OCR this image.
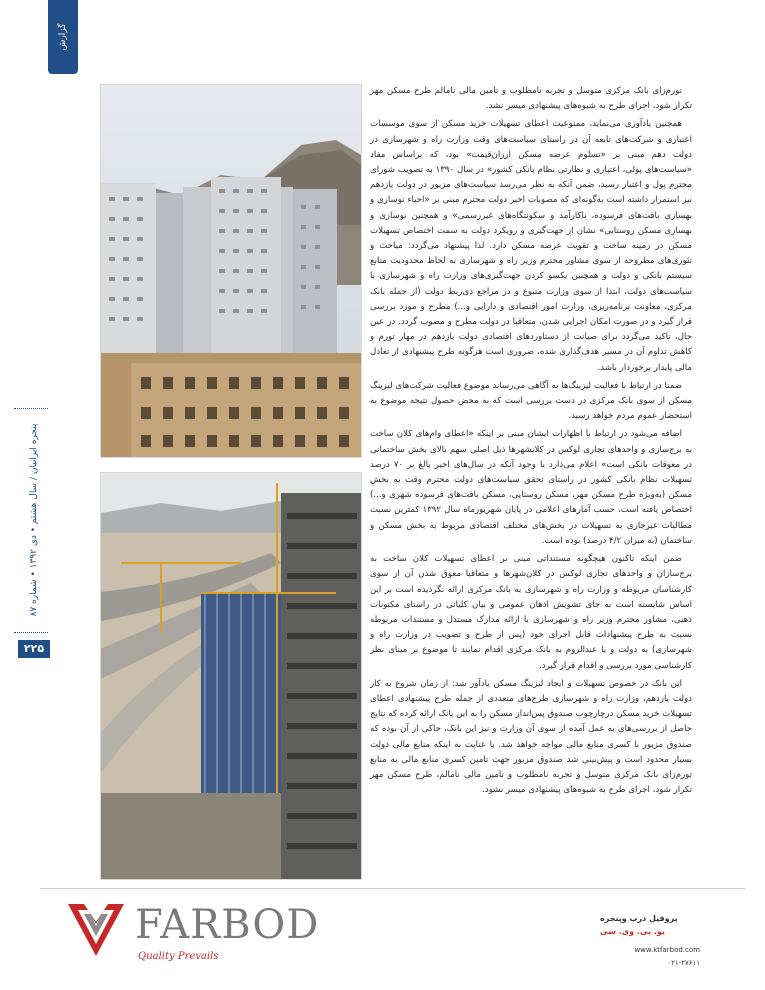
گزارش
پنجره ایرانیان / سال هشتم • دی ۱۳۹۲ • شماره ۸۷
۲۲۵

تورم‌زای بانک مرکزی متوسل و تجربه نامطلوب و تامین مالی نامالم طرح مسکن مهر تکرار شود، اجرای طرح به شیوه‌های پیشنهادی میسر نشد.

همچنین یادآوری می‌نماید، ممنوعیت اعطای تسهیلات خرید مسکن از سوی موسسات اعتباری و شرکت‌های تابعه آن در راستای سیاست‌های وقت وزارت راه و شهرسازی در دولت دهم مبنی بر «تسلوم عرضه مسکن ارزان‌قیمت» بود، که براساس مفاد «سیاست‌های پولی، اعتباری و نظارتی نظام بانکی کشور» در سال ۱۳۹۰ به تصویب شورای محترم پول و اعتبار رسید، ضمن آنکه به نظر می‌رسد سیاست‌های مزبور در دولت یازدهم نیز استمرار داشته است به‌گونه‌ای که مصوبات اخیر دولت محترم مبنی بر «احیاء نوسازی و بهسازی بافت‌های فرسوده، ناکارآمد و سکونتگاه‌های غیررسمی» و همچنین نوسازی و بهسازی مسکن روستایی» نشان از جهت‌گیری و رویکرد دولت به سمت اختصاص تسهیلات مسکن در زمینه ساخت و تقویت عرضه مسکن دارد. لذا پیشنهاد می‌گردد: مباحث و تئوری‌های مطروحه از سوی مشاور محترم وزیر راه و شهرسازی به لحاظ محدودیت منابع سیستم بانکی و دولت و همچنین یکسو کردن جهت‌گیری‌های وزارت راه و شهرسازی با سیاست‌های دولت، ابتدا از سوی وزارت متبوع و در مراجع ذی‌ربط دولت (از جمله بانک مرکزی، معاونت برنامه‌ریزی، وزارت امور اقتصادی و دارایی و...) مطرح و مورد بررسی قرار گیرد و در صورت امکان اجرایی شدن، متعاقبا در دولت مطرح و مصوب گردد. در عین حال، تاکید می‌گردد برای صیانت از دستاوردهای اقتصادی دولت یازدهم در مهار تورم و کاهش تداوم آن در مسیر هدف‌گذاری شده، ضروری است هرگونه طرح پیشنهادی از تعادل مالی پایدار برخوردار باشد.

ضمنا در ارتباط با فعالیت لیزینگ‌ها به آگاهی می‌رساند موضوع فعالیت شرکت‌های لیزینگ مسکن از سوی بانک مرکزی در دست بررسی است که به محض حصول نتیجه موضوع به استحضار عموم مردم خواهد رسید.

اضافه می‌شود در ارتباط با اظهارات ایشان مبنی بر اینکه «اعطای وام‌های کلان ساخت به برج‌سازی و واحدهای تجاری لوکس در کلانشهرها ذیل اصلی سهم بالای بخش ساختمانی در معوقات بانکی است» اعلام می‌دارد با وجود آنکه در سال‌های اخیر بالغ بر ۷۰ درصد تسهیلات نظام بانکی کشور در راستای تحقق سیاست‌های دولت محترم وقت به بخش مسکن (به‌ویژه طرح مسکن مهر، مسکن روستایی، مسکن بافت‌های فرسوده شهری و...) اختصاص یافته است، حسب آمارهای اعلامی در پایان شهریورماه سال ۱۳۹۲ کمترین نسبت مطالبات غیرجاری به تسهیلات در بخش‌های مختلف اقتصادی مربوط به بخش مسکن و ساختمان (به میزان ۴/۲ درصد) بوده است.

ضمن اینکه تاکنون هیچگونه مستنداتی مبنی بر اعطای تسهیلات کلان ساخت به برج‌سازان و واحدهای تجاری لوکس در کلان‌شهرها و متعاقبا معوق شدن آن از سوی کارشناسان مربوطه و وزارت راه و شهرسازی به بانک مرکزی ارائه نگردیده است بر این اساس شایسته است به جای تشویش اذهان عمومی و بیان کلیاتی در راستای مکنونات ذهنی، مشاور محترم وزیر راه و شهرسازی با ارائه مدارک مستدل و مستندات مربوطه نسبت به طرح پیشنهادات قابل اجرای خود (پس از طرح و تصویب در وزارت راه و شهرسازی) به دولت و یا عندالزوم به بانک مرکزی اقدام نمایند تا موضوع بر مبنای نظر کارشناسی مورد بررسی و اقدام قرار گیرد.

این بانک در خصوص تسهیلات و ایجاد لیزینگ مسکن یادآور شد: از زمان شروع به کار دولت یازدهم، وزارت راه و شهرسازی طرح‌های متعددی از جمله طرح پیشنهادی اعطای تسهیلات خرید مسکن درچارچوب صندوق پس‌انداز مسکن را به این بانک ارائه کرده که نتایج حاصل از بررسی‌های به عمل آمده از سوی آن وزارت و نیز این بانک، حاکی از آن بوده که صندوق مزبور با کسری منابع مالی مواجه خواهد شد. با عنایت به اینکه منابع مالی دولت بسیار محدود است و پیش‌بینی شد صندوق مزبور جهت تامین کسری منابع مالی به منابع تورم‌زای بانک مرکزی متوسل و تجربه نامطلوب و تامین مالی نامالم، طرح مسکن مهر تکرار شود، اجرای طرح به شیوه‌های پیشنهادی میسر نشود.

FARBOD
Quality Prevails
پروفیل درب وپنجره
یو. پی. وی. سی
www.ktfarbod.com
۰۲۱-۲۷۶۱۱
